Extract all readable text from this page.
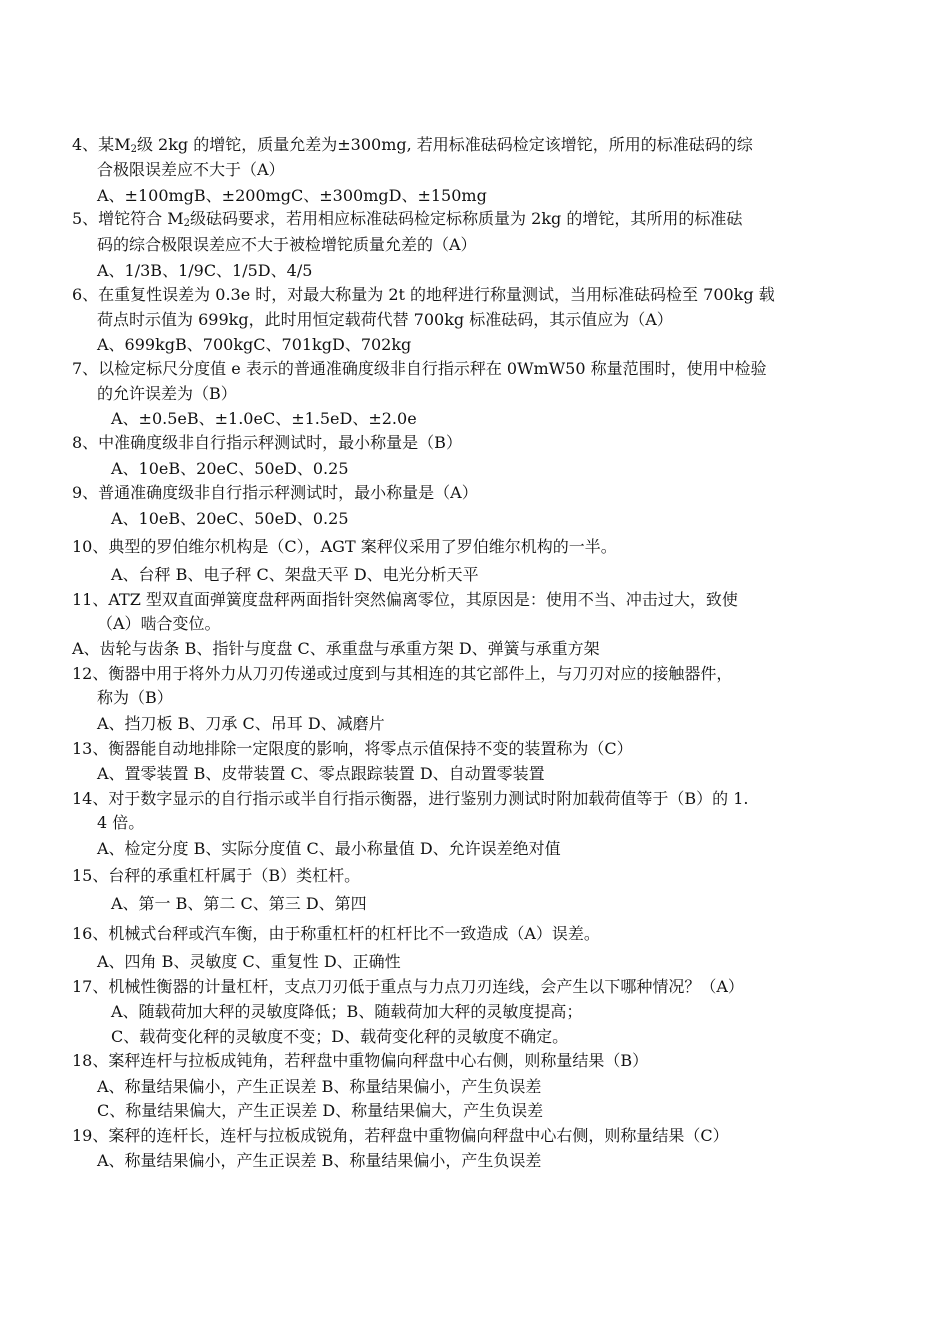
4、某$M_2$级 2kg 的增铊，质量允差为±300mg, 若用标准砝码检定该增铊，所用的标准砝码的综
合极限误差应不大于（A）
A、±100mgB、±200mgC、±300mgD、±150mg
5、增铊符合 $M_2$级砝码要求，若用相应标准砝码检定标称质量为 2kg 的增铊，其所用的标准砝
码的综合极限误差应不大于被检增铊质量允差的（A）
A、1/3B、1/9C、1/5D、4/5
6、在重复性误差为 0.3e 时，对最大称量为 2t 的地秤进行称量测试，当用标准砝码检至 700kg 载
荷点时示值为 699kg，此时用恒定载荷代替 700kg 标准砝码，其示值应为（A）
A、699kgB、700kgC、701kgD、702kg
7、以检定标尺分度值 e 表示的普通准确度级非自行指示秤在 0WmW50 称量范围时，使用中检验
的允许误差为（B）
A、±0.5eB、±1.0eC、±1.5eD、±2.0e
8、中准确度级非自行指示秤测试时，最小称量是（B）
A、10eB、20eC、50eD、0.25
9、普通准确度级非自行指示秤测试时，最小称量是（A）
A、10eB、20eC、50eD、0.25
10、典型的罗伯维尔机构是（C），AGT 案秤仪采用了罗伯维尔机构的一半。
A、台秤 B、电子秤 C、架盘天平 D、电光分析天平
11、ATZ 型双直面弹簧度盘秤两面指针突然偏离零位，其原因是：使用不当、冲击过大，致使
（A）啮合变位。
A、齿轮与齿条 B、指针与度盘 C、承重盘与承重方架 D、弹簧与承重方架
12、衡器中用于将外力从刀刃传递或过度到与其相连的其它部件上，与刀刃对应的接触器件，
称为（B）
A、挡刀板 B、刀承 C、吊耳 D、减磨片
13、衡器能自动地排除一定限度的影响，将零点示值保持不变的装置称为（C）
A、置零装置 B、皮带装置 C、零点跟踪装置 D、自动置零装置
14、对于数字显示的自行指示或半自行指示衡器，进行鉴别力测试时附加载荷值等于（B）的 1.
4 倍。
A、检定分度 B、实际分度值 C、最小称量值 D、允许误差绝对值
15、台秤的承重杠杆属于（B）类杠杆。
A、第一 B、第二 C、第三 D、第四
16、机械式台秤或汽车衡，由于称重杠杆的杠杆比不一致造成（A）误差。
A、四角 B、灵敏度 C、重复性 D、正确性
17、机械性衡器的计量杠杆，支点刀刃低于重点与力点刀刃连线，会产生以下哪种情况？（A）
A、随载荷加大秤的灵敏度降低；B、随载荷加大秤的灵敏度提高；
C、载荷变化秤的灵敏度不变；D、载荷变化秤的灵敏度不确定。
18、案秤连杆与拉板成钝角，若秤盘中重物偏向秤盘中心右侧，则称量结果（B）
A、称量结果偏小，产生正误差 B、称量结果偏小，产生负误差
C、称量结果偏大，产生正误差 D、称量结果偏大，产生负误差
19、案秤的连杆长，连杆与拉板成锐角，若秤盘中重物偏向秤盘中心右侧，则称量结果（C）
A、称量结果偏小，产生正误差 B、称量结果偏小，产生负误差
